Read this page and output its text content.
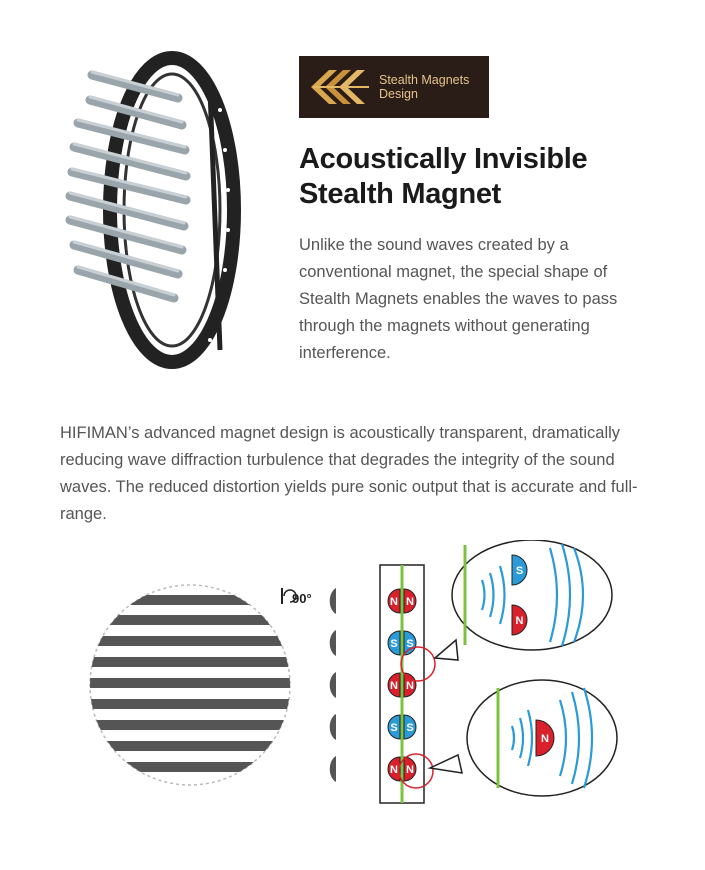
Stealth Magnets
Design
Acoustically Invisible
Stealth Magnet

Unlike the sound waves created by a conventional magnet, the special shape of Stealth Magnets enables the waves to pass through the magnets without generating interference.

HIFIMAN’s advanced magnet design is acoustically transparent, dramatically reducing wave diffraction turbulence that degrades the integrity of the sound waves. The reduced distortion yields pure sonic output that is accurate and full-range.

90°	N N
S S
N N
S S
N N
S
N
N
